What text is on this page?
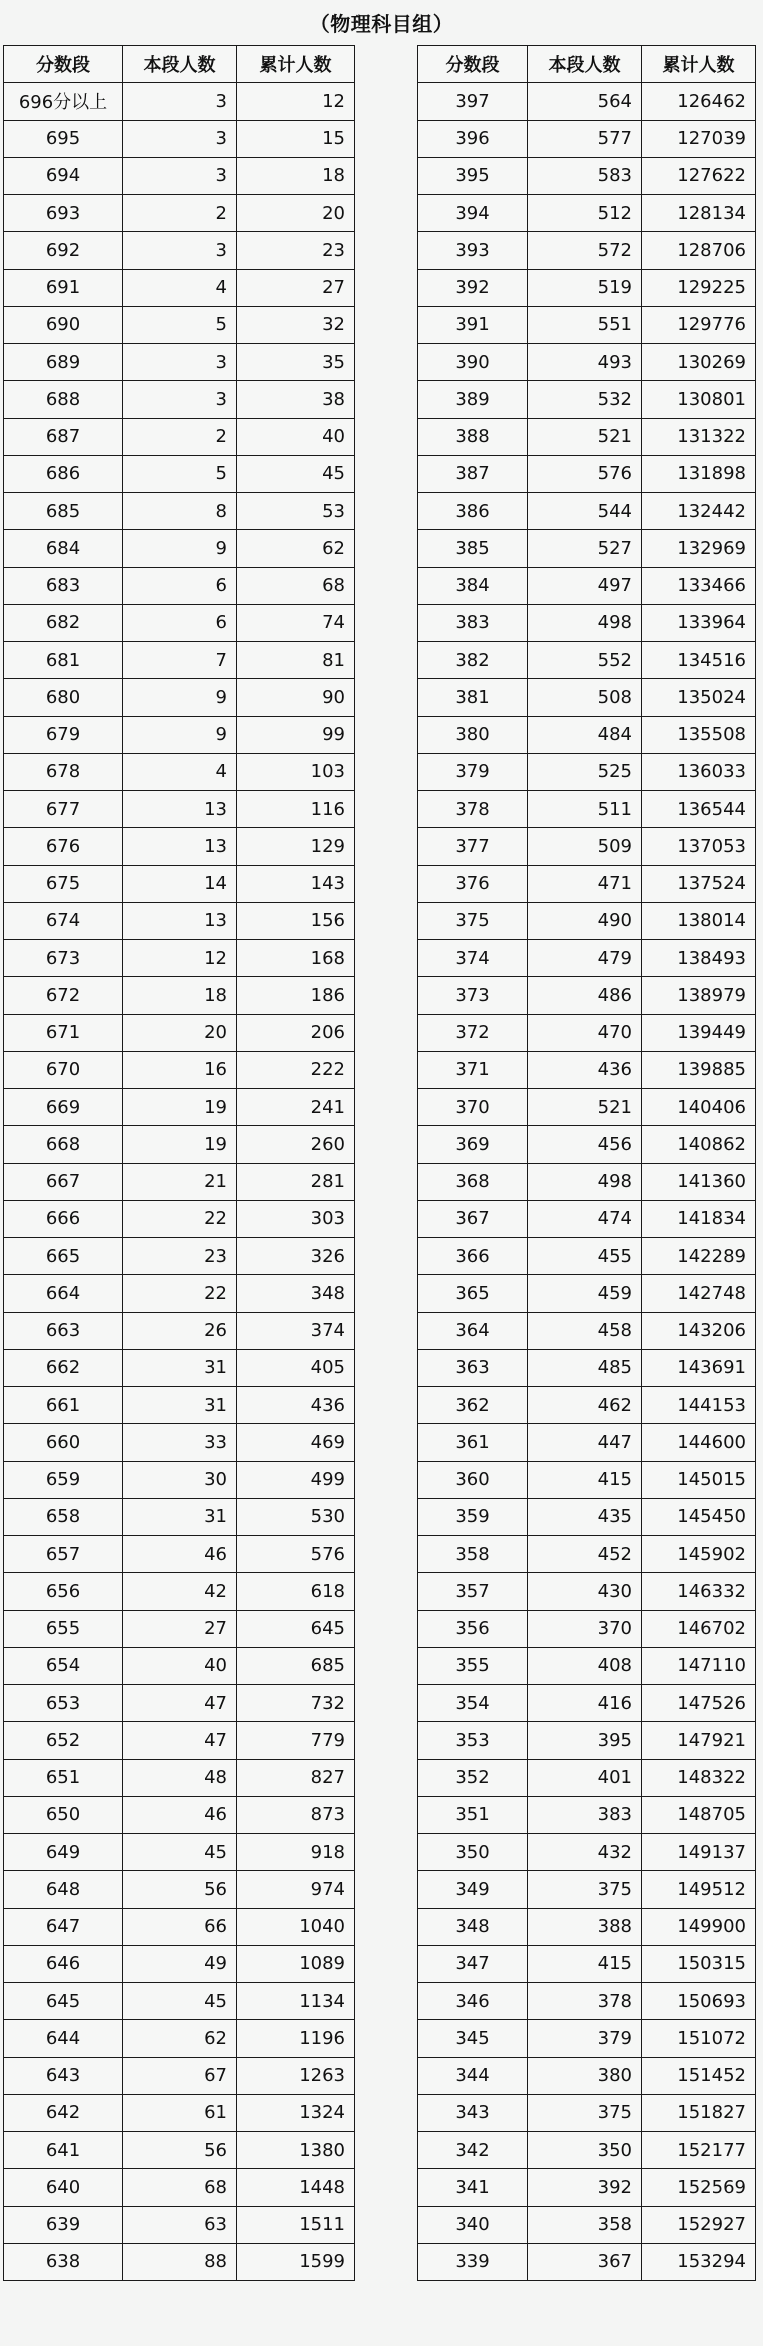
（物理科目组）
分数段	本段人数	累计人数
696分以上	3	12
695	3	15
694	3	18
693	2	20
692	3	23
691	4	27
690	5	32
689	3	35
688	3	38
687	2	40
686	5	45
685	8	53
684	9	62
683	6	68
682	6	74
681	7	81
680	9	90
679	9	99
678	4	103
677	13	116
676	13	129
675	14	143
674	13	156
673	12	168
672	18	186
671	20	206
670	16	222
669	19	241
668	19	260
667	21	281
666	22	303
665	23	326
664	22	348
663	26	374
662	31	405
661	31	436
660	33	469
659	30	499
658	31	530
657	46	576
656	42	618
655	27	645
654	40	685
653	47	732
652	47	779
651	48	827
650	46	873
649	45	918
648	56	974
647	66	1040
646	49	1089
645	45	1134
644	62	1196
643	67	1263
642	61	1324
641	56	1380
640	68	1448
639	63	1511
638	88	1599
分数段	本段人数	累计人数
397	564	126462
396	577	127039
395	583	127622
394	512	128134
393	572	128706
392	519	129225
391	551	129776
390	493	130269
389	532	130801
388	521	131322
387	576	131898
386	544	132442
385	527	132969
384	497	133466
383	498	133964
382	552	134516
381	508	135024
380	484	135508
379	525	136033
378	511	136544
377	509	137053
376	471	137524
375	490	138014
374	479	138493
373	486	138979
372	470	139449
371	436	139885
370	521	140406
369	456	140862
368	498	141360
367	474	141834
366	455	142289
365	459	142748
364	458	143206
363	485	143691
362	462	144153
361	447	144600
360	415	145015
359	435	145450
358	452	145902
357	430	146332
356	370	146702
355	408	147110
354	416	147526
353	395	147921
352	401	148322
351	383	148705
350	432	149137
349	375	149512
348	388	149900
347	415	150315
346	378	150693
345	379	151072
344	380	151452
343	375	151827
342	350	152177
341	392	152569
340	358	152927
339	367	153294
